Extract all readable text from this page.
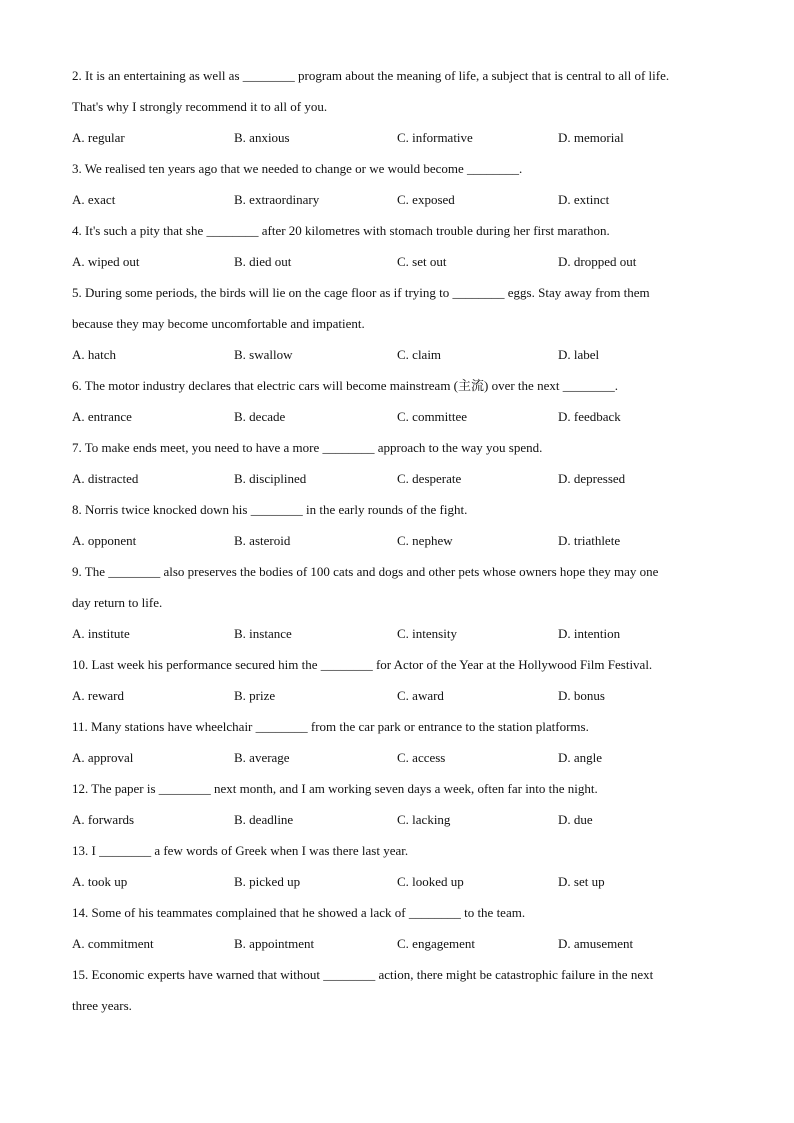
2. It is an entertaining as well as ________ program about the meaning of life, a subject that is central to all of life.
That's why I strongly recommend it to all of you.
A. regular	B. anxious	C. informative	D. memorial
3. We realised ten years ago that we needed to change or we would become ________.
A. exact	B. extraordinary	C. exposed	D. extinct
4. It's such a pity that she ________ after 20 kilometres with stomach trouble during her first marathon.
A. wiped out	B. died out	C. set out	D. dropped out
5. During some periods, the birds will lie on the cage floor as if trying to ________ eggs. Stay away from them
because they may become uncomfortable and impatient.
A. hatch	B. swallow	C. claim	D. label
6. The motor industry declares that electric cars will become mainstream (主流) over the next ________.
A. entrance	B. decade	C. committee	D. feedback
7. To make ends meet, you need to have a more ________ approach to the way you spend.
A. distracted	B. disciplined	C. desperate	D. depressed
8. Norris twice knocked down his ________ in the early rounds of the fight.
A. opponent	B. asteroid	C. nephew	D. triathlete
9. The ________ also preserves the bodies of 100 cats and dogs and other pets whose owners hope they may one
day return to life.
A. institute	B. instance	C. intensity	D. intention
10. Last week his performance secured him the ________ for Actor of the Year at the Hollywood Film Festival.
A. reward	B. prize	C. award	D. bonus
11. Many stations have wheelchair ________ from the car park or entrance to the station platforms.
A. approval	B. average	C. access	D. angle
12. The paper is ________ next month, and I am working seven days a week, often far into the night.
A. forwards	B. deadline	C. lacking	D. due
13. I ________ a few words of Greek when I was there last year.
A. took up	B. picked up	C. looked up	D. set up
14. Some of his teammates complained that he showed a lack of ________ to the team.
A. commitment	B. appointment	C. engagement	D. amusement
15. Economic experts have warned that without ________ action, there might be catastrophic failure in the next
three years.
